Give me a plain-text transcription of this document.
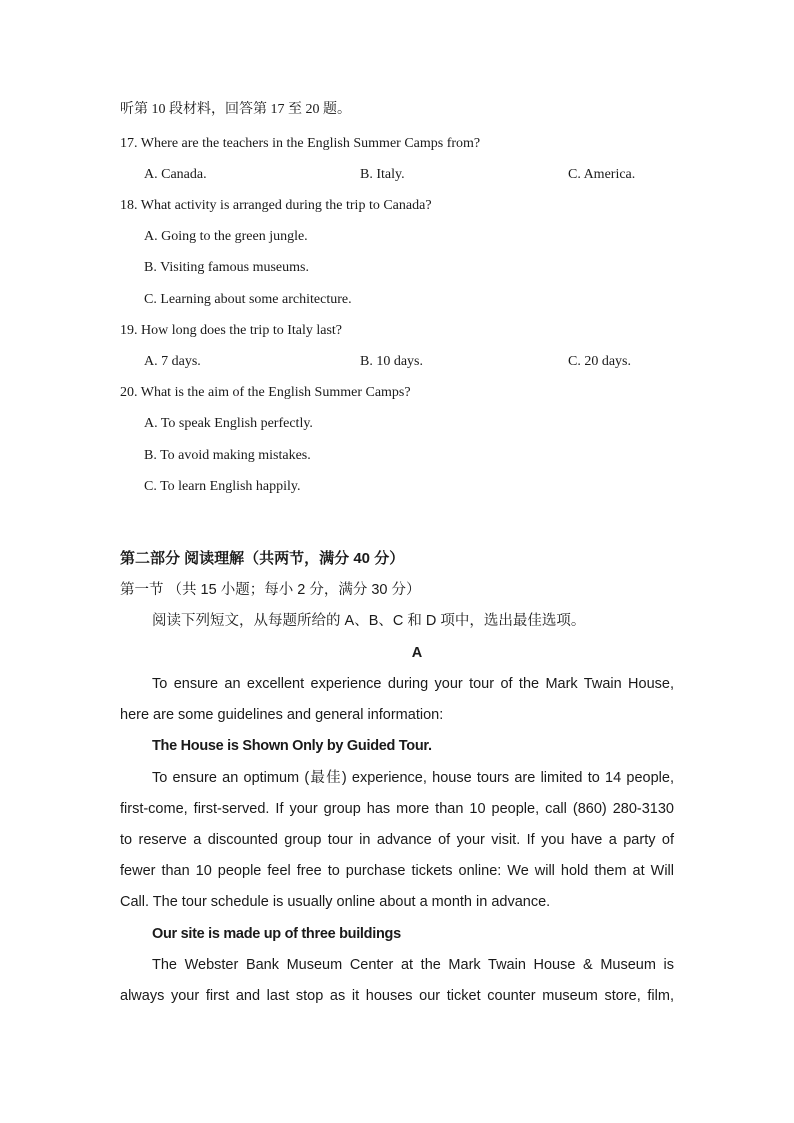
听第 10 段材料，回答第 17 至 20 题。
17. Where are the teachers in the English Summer Camps from?
A. Canada.	B. Italy.	C. America.
18. What activity is arranged during the trip to Canada?
A. Going to the green jungle.
B. Visiting famous museums.
C. Learning about some architecture.
19. How long does the trip to Italy last?
A. 7 days.	B. 10 days.	C. 20 days.
20. What is the aim of the English Summer Camps?
A. To speak English perfectly.
B. To avoid making mistakes.
C. To learn English happily.
第二部分 阅读理解（共两节，满分 40 分）
第一节 （共 15 小题；每小 2 分，满分 30 分）
阅读下列短文，从每题所给的 A、B、C 和 D 项中，选出最佳选项。
A
To ensure an excellent experience during your tour of the Mark Twain House,
here are some guidelines and general information:
The House is Shown Only by Guided Tour.
To ensure an optimum (最佳) experience, house tours are limited to 14 people,
first-come, first-served. If your group has more than 10 people, call (860) 280-3130
to reserve a discounted group tour in advance of your visit. If you have a party of
fewer than 10 people feel free to purchase tickets online: We will hold them at Will
Call. The tour schedule is usually online about a month in advance.
Our site is made up of three buildings
The Webster Bank Museum Center at the Mark Twain House & Museum is
always your first and last stop as it houses our ticket counter museum store, film,
